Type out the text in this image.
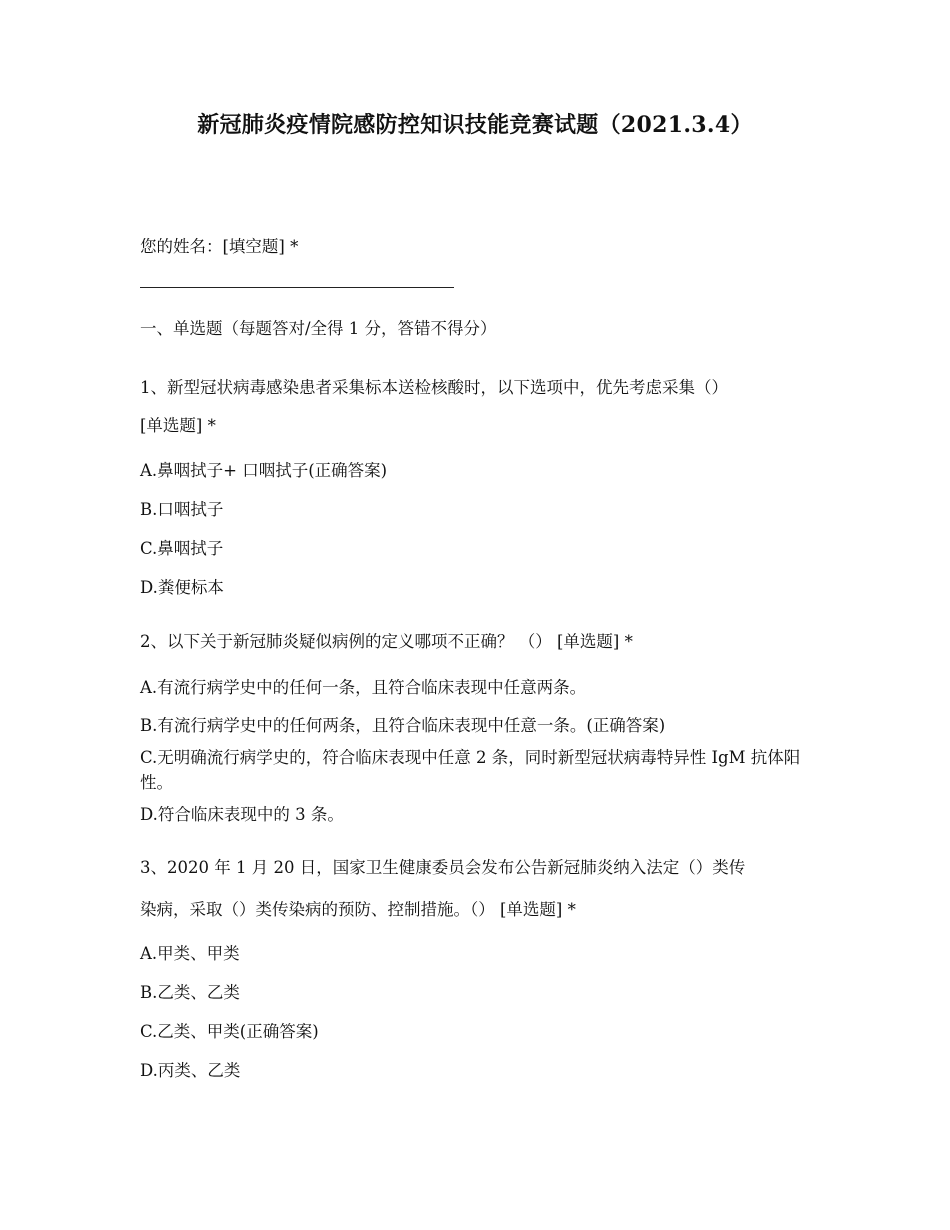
新冠肺炎疫情院感防控知识技能竞赛试题（2021.3.4）
您的姓名：[填空题] *
一、单选题（每题答对/全得 1 分，答错不得分）
1、新型冠状病毒感染患者采集标本送检核酸时，以下选项中，优先考虑采集（）
[单选题] *
A.鼻咽拭子+ 口咽拭子(正确答案)
B.口咽拭子
C.鼻咽拭子
D.粪便标本
2、以下关于新冠肺炎疑似病例的定义哪项不正确？ （） [单选题] *
A.有流行病学史中的任何一条，且符合临床表现中任意两条。
B.有流行病学史中的任何两条，且符合临床表现中任意一条。(正确答案)
C.无明确流行病学史的，符合临床表现中任意 2 条，同时新型冠状病毒特异性 IgM 抗体阳性。
D.符合临床表现中的 3 条。
3、2020 年 1 月 20 日，国家卫生健康委员会发布公告新冠肺炎纳入法定（）类传
染病，采取（）类传染病的预防、控制措施。（） [单选题] *
A.甲类、甲类
B.乙类、乙类
C.乙类、甲类(正确答案)
D.丙类、乙类
